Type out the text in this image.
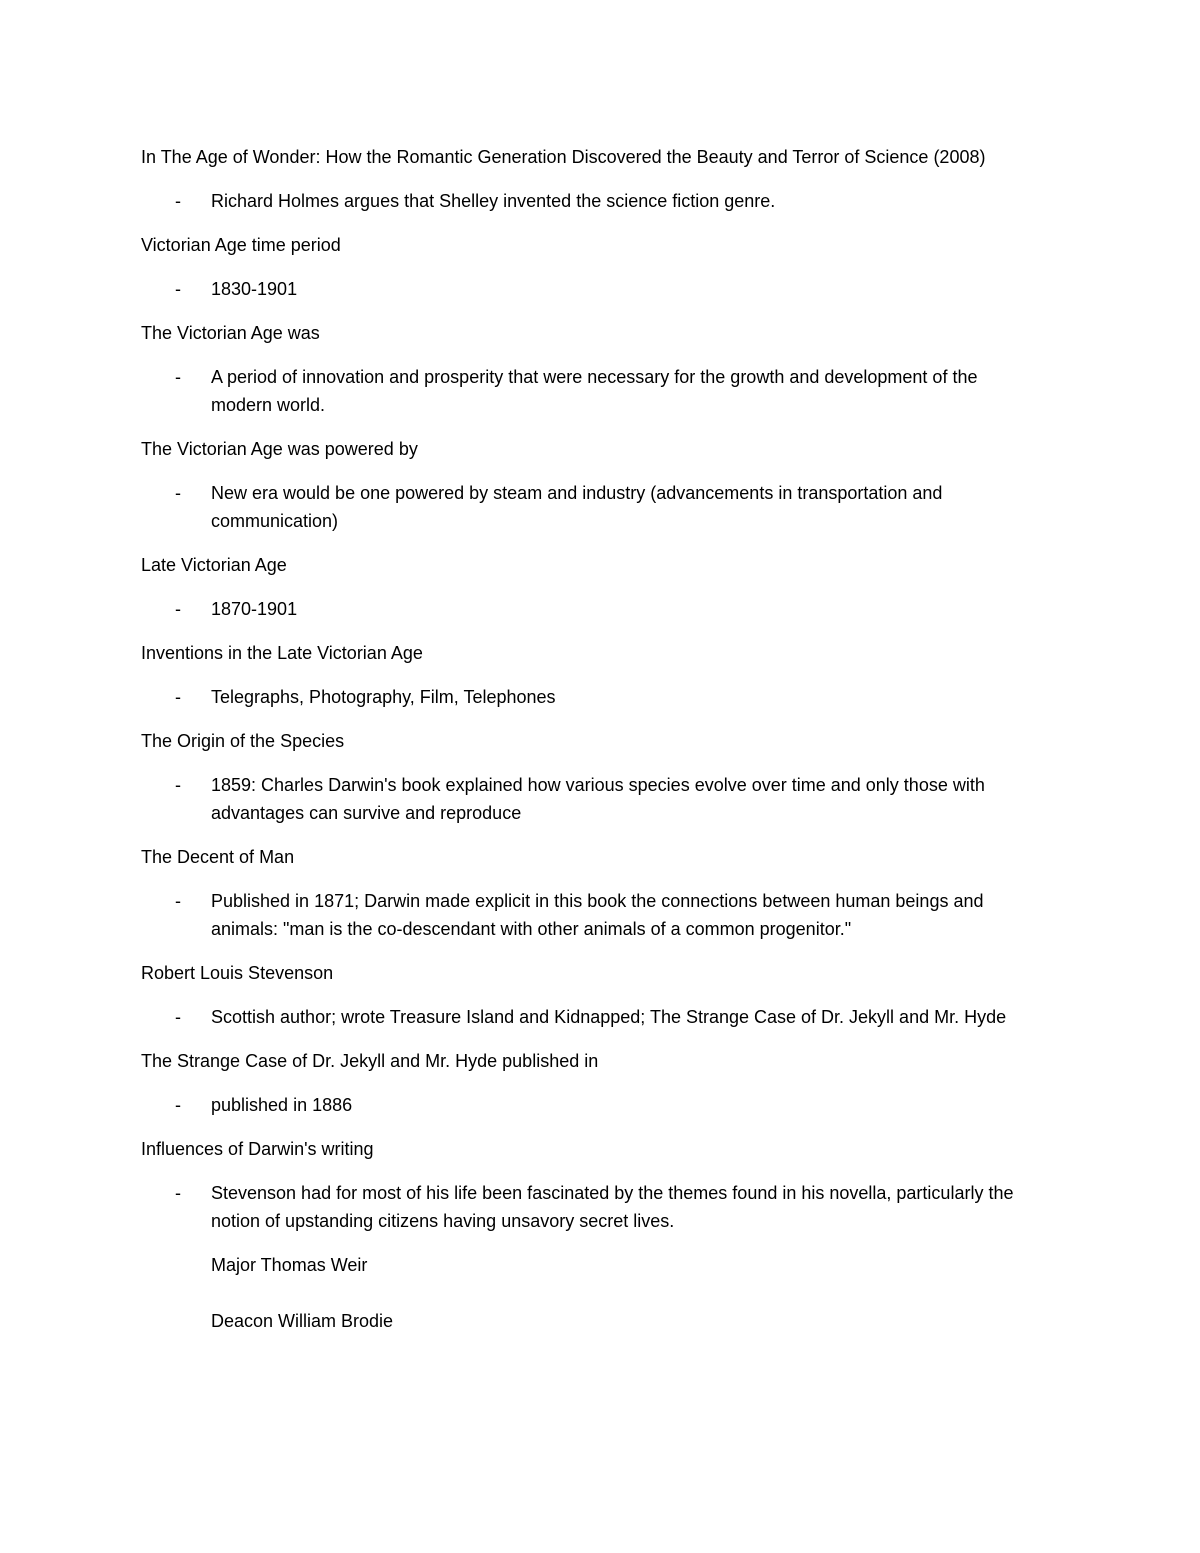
In The Age of Wonder: How the Romantic Generation Discovered the Beauty and Terror of Science (2008)

- Richard Holmes argues that Shelley invented the science fiction genre.

Victorian Age time period

- 1830-1901

The Victorian Age was

- A period of innovation and prosperity that were necessary for the growth and development of the modern world.

The Victorian Age was powered by

- New era would be one powered by steam and industry (advancements in transportation and communication)

Late Victorian Age

- 1870-1901

Inventions in the Late Victorian Age

- Telegraphs, Photography, Film, Telephones

The Origin of the Species

- 1859: Charles Darwin's book explained how various species evolve over time and only those with advantages can survive and reproduce

The Decent of Man

- Published in 1871; Darwin made explicit in this book the connections between human beings and animals: "man is the co-descendant with other animals of a common progenitor."

Robert Louis Stevenson

- Scottish author; wrote Treasure Island and Kidnapped; The Strange Case of Dr. Jekyll and Mr. Hyde

The Strange Case of Dr. Jekyll and Mr. Hyde published in

- published in 1886

Influences of Darwin's writing

- Stevenson had for most of his life been fascinated by the themes found in his novella, particularly the notion of upstanding citizens having unsavory secret lives.

Major Thomas Weir

Deacon William Brodie
